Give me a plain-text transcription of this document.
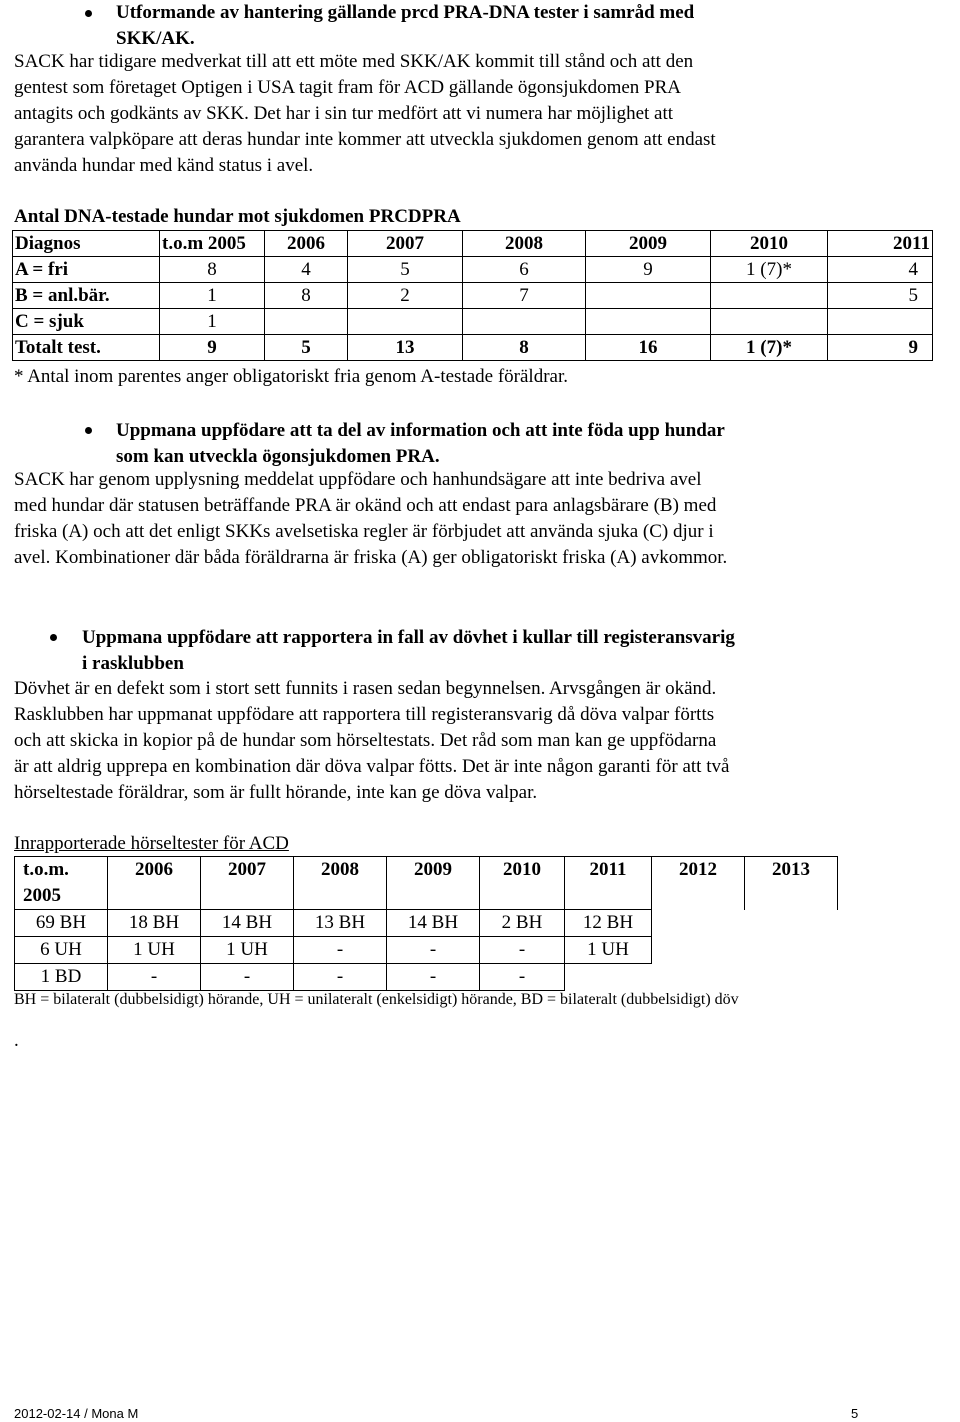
Utformande av hantering gällande prcd PRA-DNA tester i samråd med
SKK/AK.
SACK har tidigare medverkat till att ett möte med SKK/AK kommit till stånd och att den
gentest som företaget Optigen i USA tagit fram för ACD gällande ögonsjukdomen PRA
antagits och godkänts av SKK. Det har i sin tur medfört att vi numera har möjlighet att
garantera valpköpare att deras hundar inte kommer att utveckla sjukdomen genom att endast
använda hundar med känd status i avel.
Antal DNA-testade hundar mot sjukdomen PRCDPRA
Diagnos	t.o.m 2005	2006	2007	2008	2009	2010	2011
A = fri	8	4	5	6	9	1 (7)*	4
B = anl.bär.	1	8	2	7			5
C = sjuk	1						
Totalt test.	9	5	13	8	16	1 (7)*	9
* Antal inom parentes anger obligatoriskt fria genom A-testade föräldrar.
Uppmana uppfödare att ta del av information och att inte föda upp hundar
som kan utveckla ögonsjukdomen PRA.
SACK har genom upplysning meddelat uppfödare och hanhundsägare att inte bedriva avel
med hundar där statusen beträffande PRA är okänd och att endast para anlagsbärare (B) med
friska (A) och att det enligt SKKs avelsetiska regler är förbjudet att använda sjuka (C) djur i
avel. Kombinationer där båda föräldrarna är friska (A) ger obligatoriskt friska (A) avkommor.
Uppmana uppfödare att rapportera in fall av dövhet i kullar till registeransvarig
i rasklubben
Dövhet är en defekt som i stort sett funnits i rasen sedan begynnelsen. Arvsgången är okänd.
Rasklubben har uppmanat uppfödare att rapportera till registeransvarig då döva valpar förtts
och att skicka in kopior på de hundar som hörseltestats. Det råd som man kan ge uppfödarna
är att aldrig upprepa en kombination där döva valpar fötts. Det är inte någon garanti för att två
hörseltestade föräldrar, som är fullt hörande, inte kan ge döva valpar.
Inrapporterade hörseltester för ACD
t.o.m.
2005	2006	2007	2008	2009	2010	2011	2012	2013
69 BH	18 BH	14 BH	13 BH	14 BH	2 BH	12 BH		
6 UH	1 UH	1 UH	-	-	-	1 UH		
1 BD	-	-	-	-	-			
BH = bilateralt (dubbelsidigt) hörande, UH = unilateralt (enkelsidigt) hörande, BD = bilateralt (dubbelsidigt) döv
.
2012-02-14 / Mona M	5
